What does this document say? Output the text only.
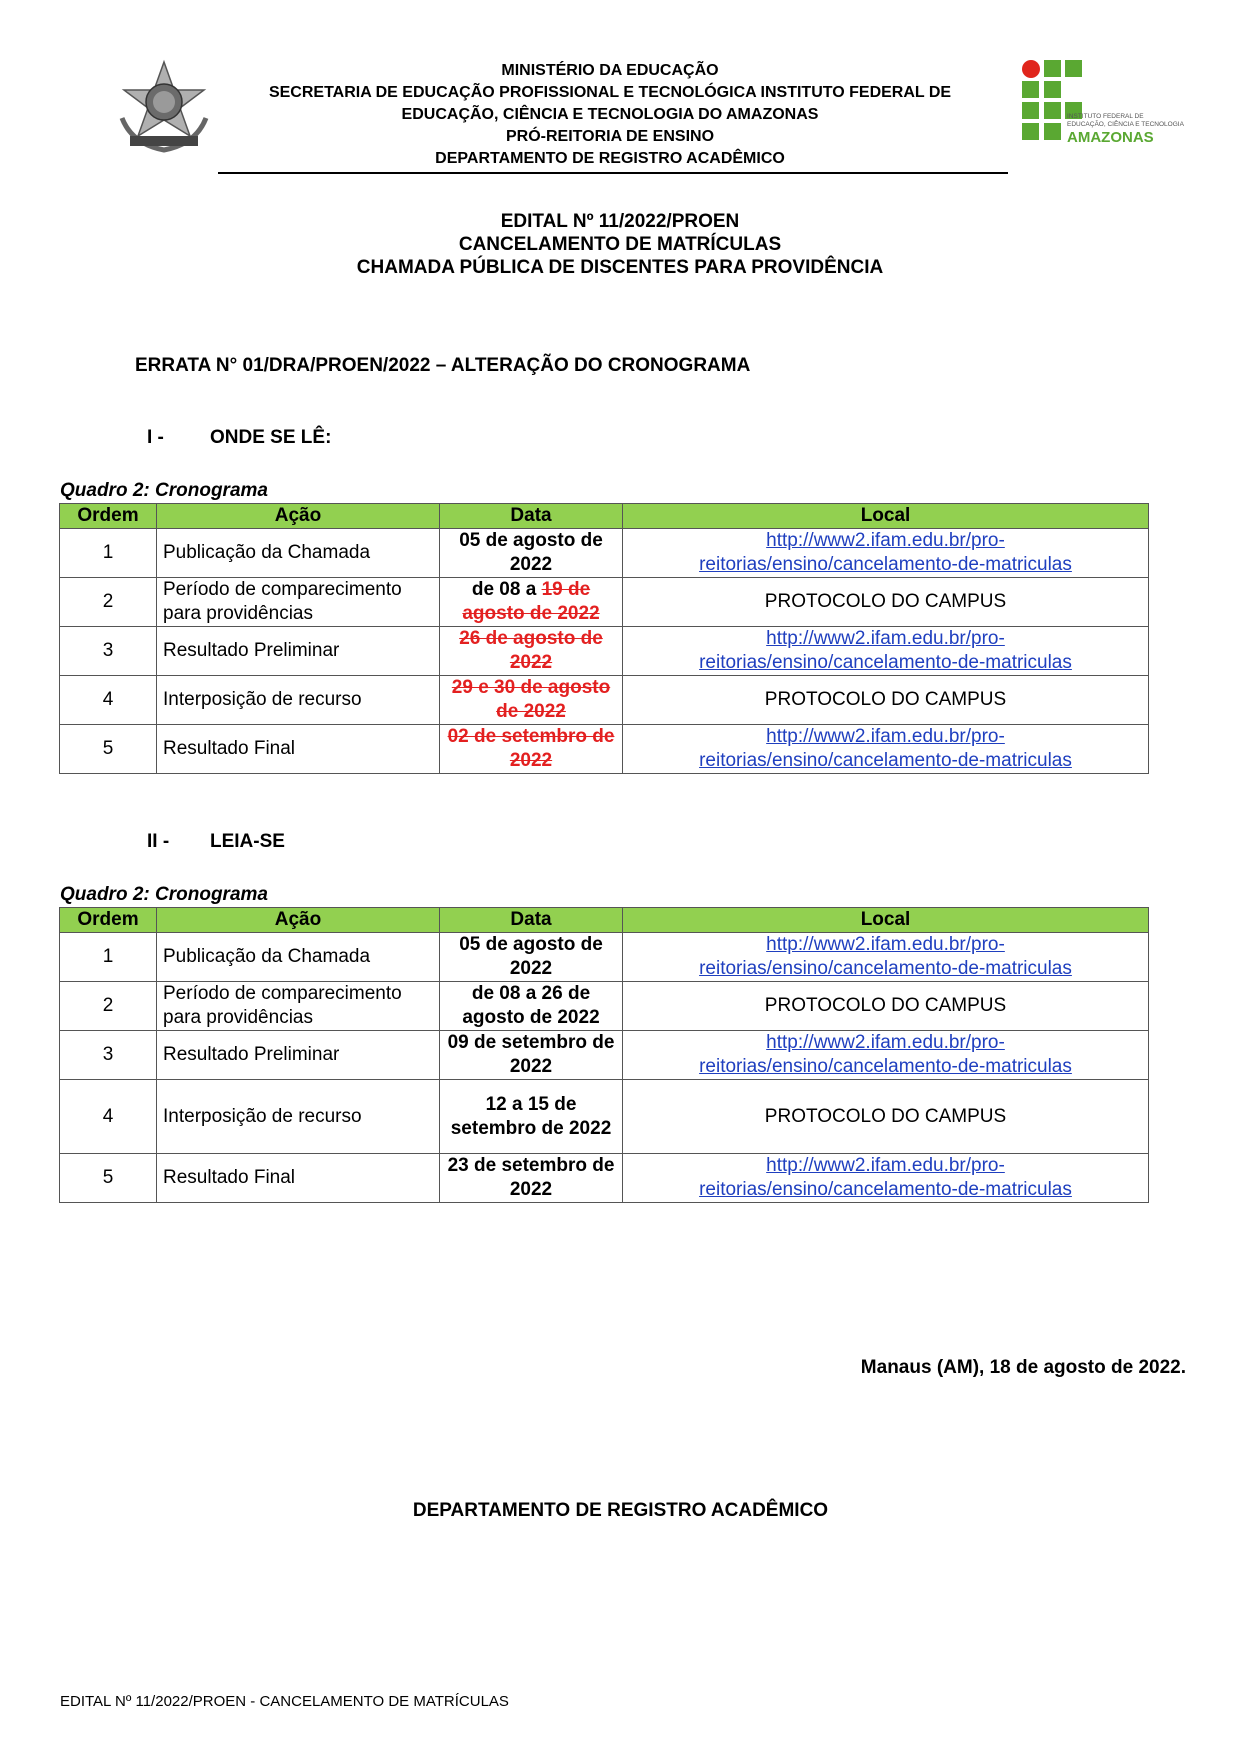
MINISTÉRIO DA EDUCAÇÃO
SECRETARIA DE EDUCAÇÃO PROFISSIONAL E TECNOLÓGICA INSTITUTO FEDERAL DE
EDUCAÇÃO, CIÊNCIA E TECNOLOGIA DO AMAZONAS
PRÓ-REITORIA DE ENSINO
DEPARTAMENTO DE REGISTRO ACADÊMICO
INSTITUTO FEDERAL DE
EDUCAÇÃO, CIÊNCIA E TECNOLOGIA
AMAZONAS
EDITAL Nº 11/2022/PROEN
CANCELAMENTO DE MATRÍCULAS
CHAMADA PÚBLICA DE DISCENTES PARA PROVIDÊNCIA
ERRATA N° 01/DRA/PROEN/2022 – ALTERAÇÃO DO CRONOGRAMA
I - ONDE SE LÊ:
Quadro 2: Cronograma
Ordem	Ação	Data	Local
1	Publicação da Chamada	05 de agosto de 2022	http://www2.ifam.edu.br/pro-
reitorias/ensino/cancelamento-de-matriculas
2	Período de comparecimento para providências	de 08 a 19 de agosto de 2022	PROTOCOLO DO CAMPUS
3	Resultado Preliminar	26 de agosto de 2022	http://www2.ifam.edu.br/pro-
reitorias/ensino/cancelamento-de-matriculas
4	Interposição de recurso	29 e 30 de agosto de 2022	PROTOCOLO DO CAMPUS
5	Resultado Final	02 de setembro de 2022	http://www2.ifam.edu.br/pro-
reitorias/ensino/cancelamento-de-matriculas
II - LEIA-SE
Quadro 2: Cronograma
Ordem	Ação	Data	Local
1	Publicação da Chamada	05 de agosto de 2022	http://www2.ifam.edu.br/pro-
reitorias/ensino/cancelamento-de-matriculas
2	Período de comparecimento para providências	de 08 a 26 de agosto de 2022	PROTOCOLO DO CAMPUS
3	Resultado Preliminar	09 de setembro de 2022	http://www2.ifam.edu.br/pro-
reitorias/ensino/cancelamento-de-matriculas
4	Interposição de recurso	12 a 15 de setembro de 2022	PROTOCOLO DO CAMPUS
5	Resultado Final	23 de setembro de 2022	http://www2.ifam.edu.br/pro-
reitorias/ensino/cancelamento-de-matriculas
Manaus (AM), 18 de agosto de 2022.
DEPARTAMENTO DE REGISTRO ACADÊMICO
EDITAL Nº 11/2022/PROEN - CANCELAMENTO DE MATRÍCULAS
